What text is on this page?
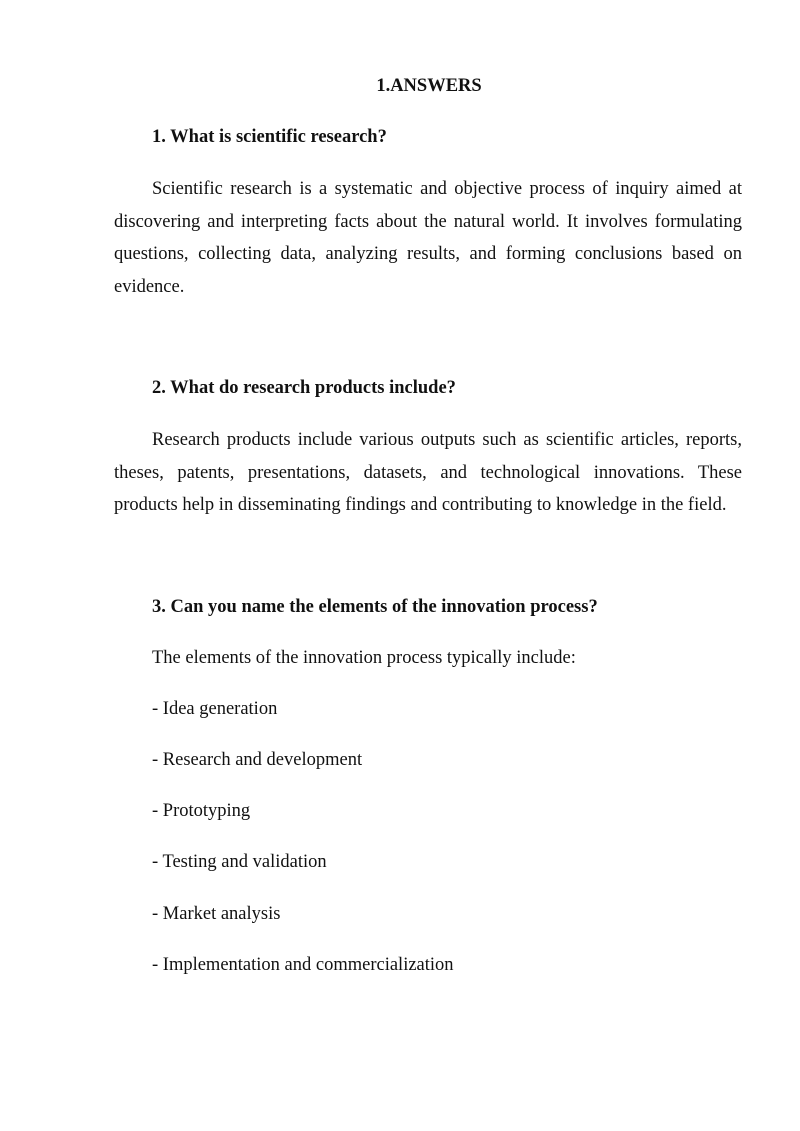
1.ANSWERS
1. What is scientific research?

Scientific research is a systematic and objective process of inquiry aimed at discovering and interpreting facts about the natural world. It involves formulating questions, collecting data, analyzing results, and forming conclusions based on evidence.

2. What do research products include?

Research products include various outputs such as scientific articles, reports, theses, patents, presentations, datasets, and technological innovations. These products help in disseminating findings and contributing to knowledge in the field.

3. Can you name the elements of the innovation process?

The elements of the innovation process typically include:

- Idea generation
- Research and development
- Prototyping
- Testing and validation
- Market analysis
- Implementation and commercialization
